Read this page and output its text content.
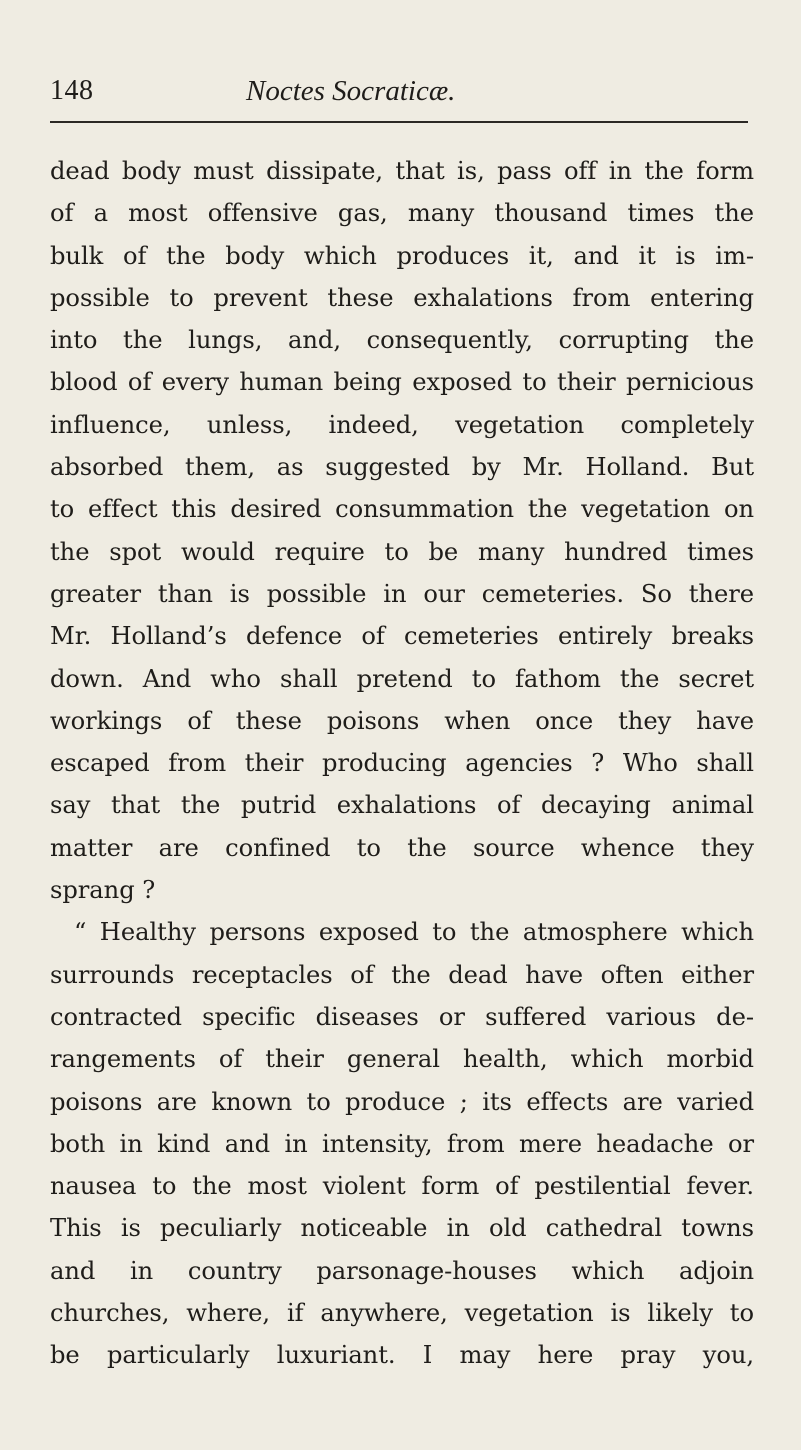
148	Noctes Socraticæ.
dead body must dissipate, that is, pass off in the form
of a most offensive gas, many thousand times the
bulk of the body which produces it, and it is im-
possible to prevent these exhalations from entering
into the lungs, and, consequently, corrupting the
blood of every human being exposed to their pernicious
influence, unless, indeed, vegetation completely
absorbed them, as suggested by Mr. Holland. But
to effect this desired consummation the vegetation on
the spot would require to be many hundred times
greater than is possible in our cemeteries. So there
Mr. Holland’s defence of cemeteries entirely breaks
down. And who shall pretend to fathom the secret
workings of these poisons when once they have
escaped from their producing agencies ? Who shall
say that the putrid exhalations of decaying animal
matter are confined to the source whence they
sprang ?
“ Healthy persons exposed to the atmosphere which
surrounds receptacles of the dead have often either
contracted specific diseases or suffered various de-
rangements of their general health, which morbid
poisons are known to produce ; its effects are varied
both in kind and in intensity, from mere headache or
nausea to the most violent form of pestilential fever.
This is peculiarly noticeable in old cathedral towns
and in country parsonage-houses which adjoin
churches, where, if anywhere, vegetation is likely to
be particularly luxuriant. I may here pray you,
